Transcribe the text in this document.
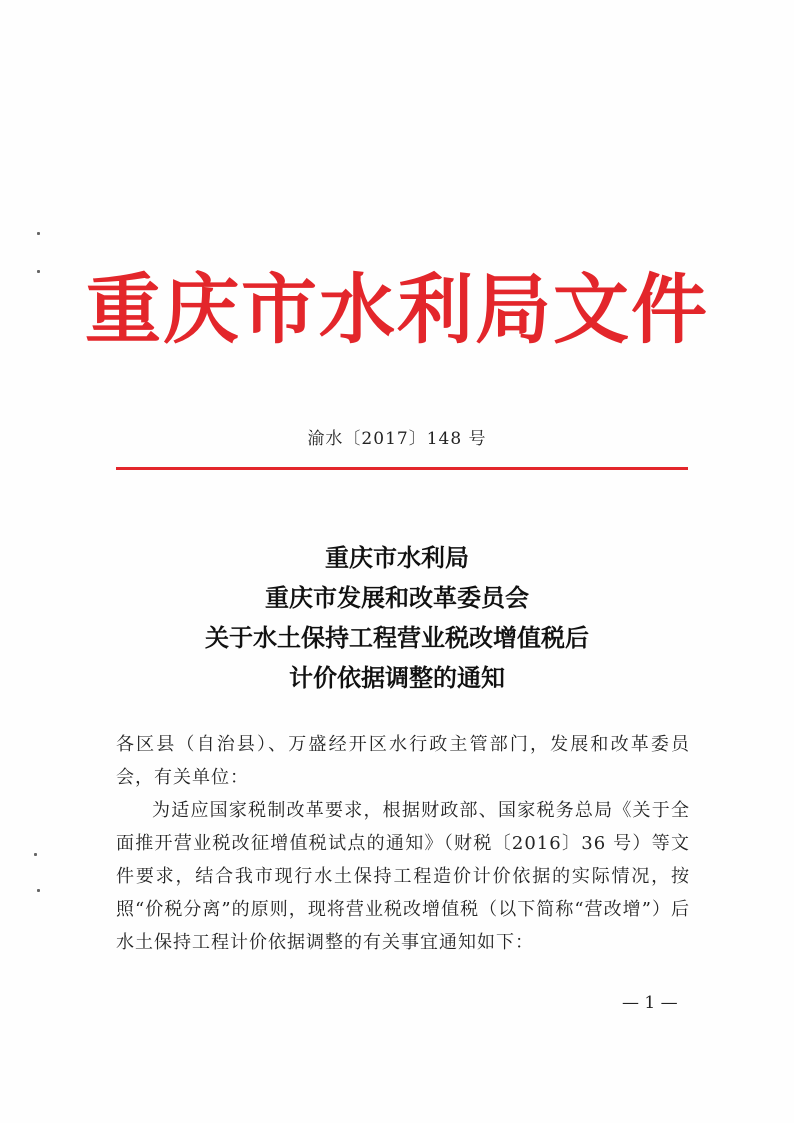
重庆市水利局文件
渝水〔2017〕148 号
重庆市水利局
重庆市发展和改革委员会
关于水土保持工程营业税改增值税后
计价依据调整的通知

各区县（自治县）、万盛经开区水行政主管部门，发展和改革委员会，有关单位：

为适应国家税制改革要求，根据财政部、国家税务总局《关于全面推开营业税改征增值税试点的通知》（财税〔2016〕36 号）等文件要求，结合我市现行水土保持工程造价计价依据的实际情况，按照“价税分离”的原则，现将营业税改增值税（以下简称“营改增”）后水土保持工程计价依据调整的有关事宜通知如下：

— 1 —
